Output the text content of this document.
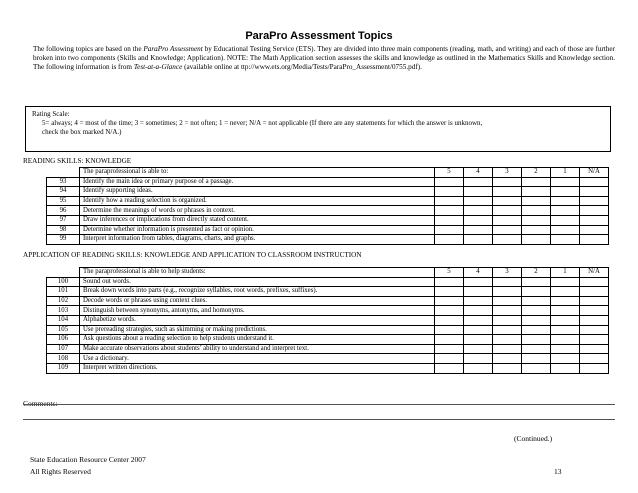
ParaPro Assessment Topics
The following topics are based on the ParaPro Assessment by Educational Testing Service (ETS). They are divided into three main components (reading, math, and writing) and each of those are further broken into two components (Skills and Knowledge; Application). NOTE: The Math Application section assesses the skills and knowledge as outlined in the Mathematics Skills and Knowledge section. The following information is from Test-at-a-Glance (available online at ttp://www.ets.org/Media/Tests/ParaPro_Assessment/0755.pdf).
Rating Scale:
5= always; 4 = most of the time; 3 = sometimes; 2 = not often; 1 = never; N/A = not applicable (If there are any statements for which the answer is unknown,
check the box marked N/A.)
READING SKILLS: KNOWLEDGE
	The paraprofessional is able to:	5	4	3	2	1	N/A
93	Identify the main idea or primary purpose of a passage.						
94	Identify supporting ideas.						
95	Identify how a reading selection is organized.						
96	Determine the meanings of words or phrases in context.						
97	Draw inferences or implications from directly stated content.						
98	Determine whether information is presented as fact or opinion.						
99	Interpret information from tables, diagrams, charts, and graphs.						
APPLICATION OF READING SKILLS: KNOWLEDGE AND APPLICATION TO CLASSROOM INSTRUCTION
	The paraprofessional is able to help students:	5	4	3	2	1	N/A
100	Sound out words.						
101	Break down words into parts (e.g., recognize syllables, root words, prefixes, suffixes).						
102	Decode words or phrases using context clues.						
103	Distinguish between synonyms, antonyms, and homonyms.						
104	Alphabetize words.						
105	Use prereading strategies, such as skimming or making predictions.						
106	Ask questions about a reading selection to help students understand it.						
107	Make accurate observations about students’ ability to understand and interpret text.						
108	Use a dictionary.						
109	Interpret written directions.						
Comments:
(Continued.)
State Education Resource Center 2007
All Rights Reserved	13
